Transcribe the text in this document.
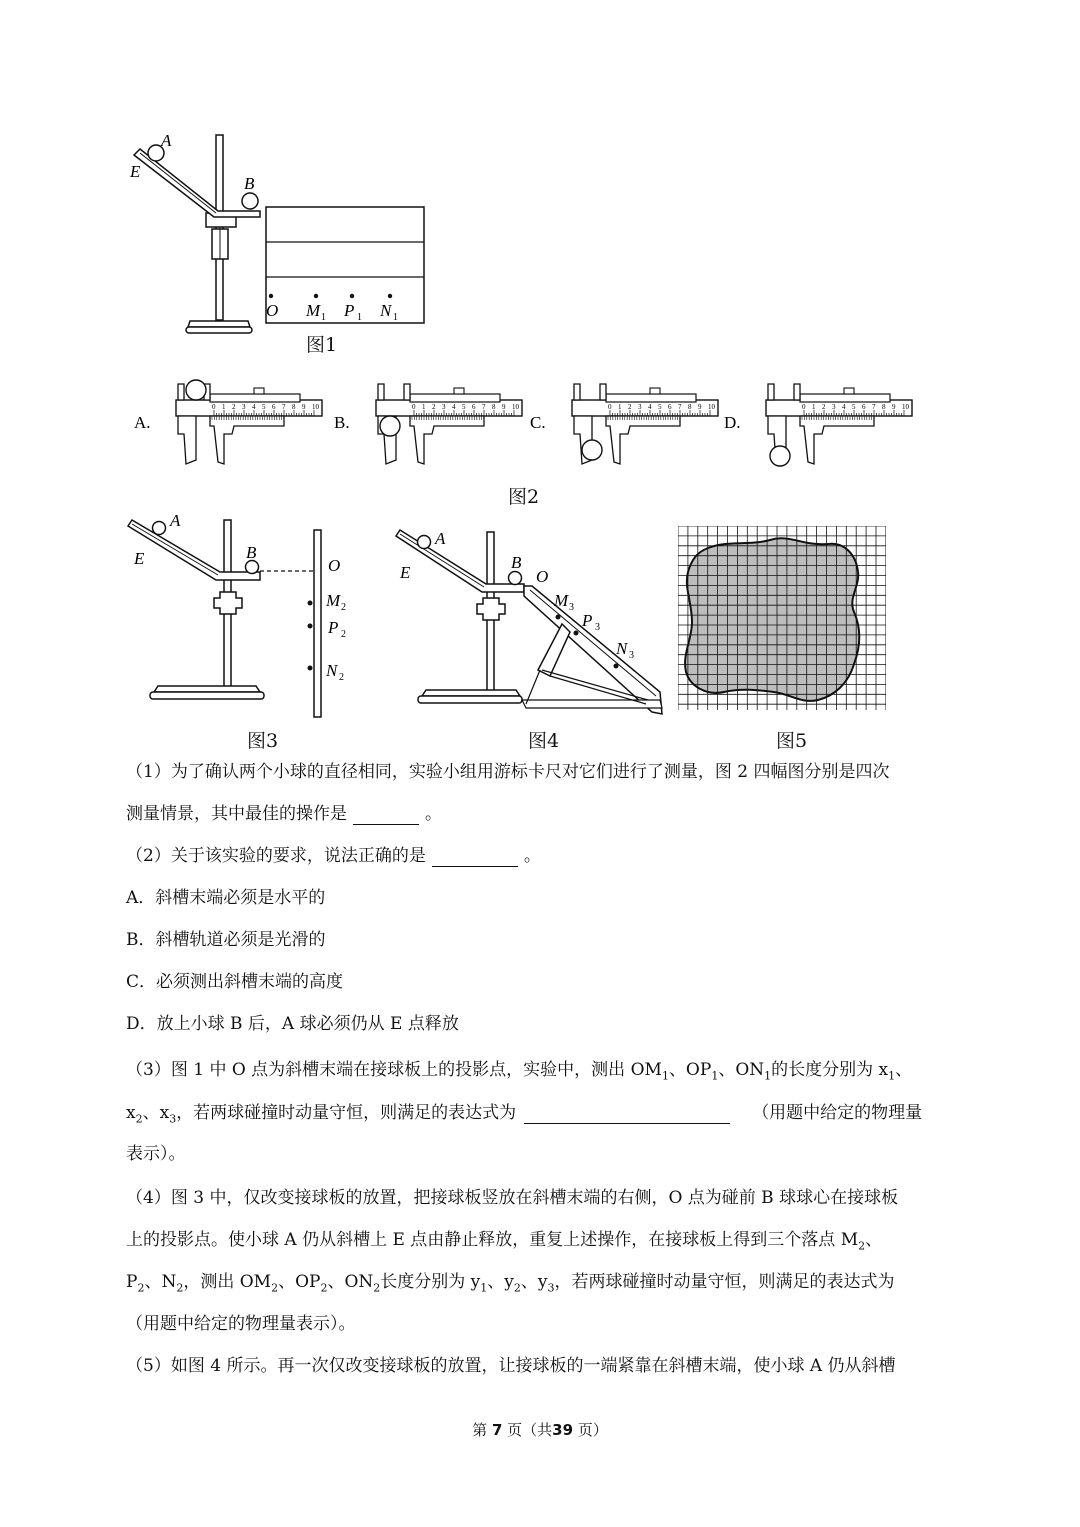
A
E
B
O M 1 P 1 N 1
图1
0 1 2 3 4 5 6 7 8 9 10
A.
0 1 2 3 4 5 6 7 8 9 10
B.
0 1 2 3 4 5 6 7 8 9 10
C.
0 1 2 3 4 5 6 7 8 9 10
D.
图2
A
E	B
O
M 2
P 2
N 2
图3
A
E
B
O
M 3
P 3
N 3
图4	图5
（1）为了确认两个小球的直径相同，实验小组用游标卡尺对它们进行了测量，图 2 四幅图分别是四次
测量情景，其中最佳的操作是	。
（2）关于该实验的要求，说法正确的是	。
A．斜槽末端必须是水平的
B．斜槽轨道必须是光滑的
C．必须测出斜槽末端的高度
D．放上小球 B 后，A 球必须仍从 E 点释放
（3）图 1 中 O 点为斜槽末端在接球板上的投影点，实验中，测出 $OM_1$、$OP_1$、$ON_1$的长度分别为 $x_1$、
$x_2$、$x_3$，若两球碰撞时动量守恒，则满足的表达式为	（用题中给定的物理量
表示）。
（4）图 3 中，仅改变接球板的放置，把接球板竖放在斜槽末端的右侧，O 点为碰前 B 球球心在接球板
上的投影点。使小球 A 仍从斜槽上 E 点由静止释放，重复上述操作，在接球板上得到三个落点 $M_2$、
$P_2$、$N_2$，测出 $OM_2$、$OP_2$、$ON_2$长度分别为 $y_1$、$y_2$、$y_3$，若两球碰撞时动量守恒，则满足的表达式为
（用题中给定的物理量表示）。
（5）如图 4 所示。再一次仅改变接球板的放置，让接球板的一端紧靠在斜槽末端，使小球 A 仍从斜槽
第 7 页（共39 页）
